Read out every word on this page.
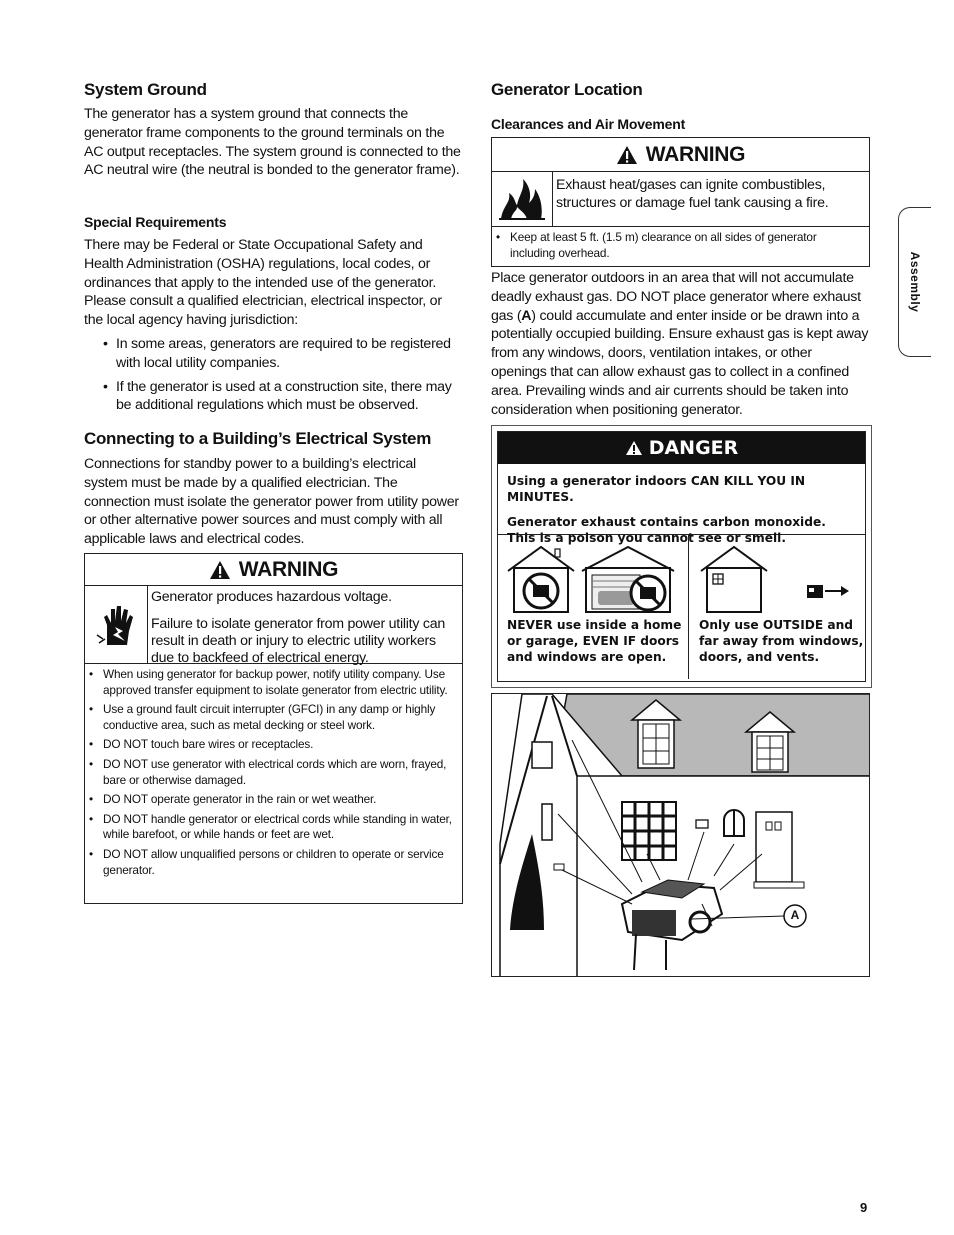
System Ground

The generator has a system ground that connects the generator frame components to the ground terminals on the AC output receptacles. The system ground is connected to the AC neutral wire (the neutral is bonded to the generator frame).

Special Requirements

There may be Federal or State Occupational Safety and Health Administration (OSHA) regulations, local codes, or ordinances that apply to the intended use of the generator. Please consult a qualified electrician, electrical inspector, or the local agency having jurisdiction:

• In some areas, generators are required to be registered with local utility companies.
• If the generator is used at a construction site, there may be additional regulations which must be observed.
Connecting to a Building’s Electrical System

Connections for standby power to a building’s electrical system must be made by a qualified electrician. The connection must isolate the generator power from utility power or other alternative power sources and must comply with all applicable laws and electrical codes.

WARNING

Generator produces hazardous voltage.

Failure to isolate generator from power utility can result in death or injury to electric utility workers due to backfeed of electrical energy.

• When using generator for backup power, notify utility company. Use approved transfer equipment to isolate generator from electric utility.
• Use a ground fault circuit interrupter (GFCI) in any damp or highly conductive area, such as metal decking or steel work.
• DO NOT touch bare wires or receptacles.
• DO NOT use generator with electrical cords which are worn, frayed, bare or otherwise damaged.
• DO NOT operate generator in the rain or wet weather.
• DO NOT handle generator or electrical cords while standing in water, while barefoot, or while hands or feet are wet.
• DO NOT allow unqualified persons or children to operate or service generator.
Generator Location
Clearances and Air Movement
WARNING

Exhaust heat/gases can ignite combustibles, structures or damage fuel tank causing a fire.

• Keep at least 5 ft. (1.5 m) clearance on all sides of generator including overhead.

Place generator outdoors in an area that will not accumulate deadly exhaust gas. DO NOT place generator where exhaust gas (A) could accumulate and enter inside or be drawn into a potentially occupied building. Ensure exhaust gas is kept away from any windows, doors, ventilation intakes, or other openings that can allow exhaust gas to collect in a confined area. Prevailing winds and air currents should be taken into consideration when positioning generator.

DANGER

Using a generator indoors CAN KILL YOU IN MINUTES.

Generator exhaust contains carbon monoxide. This is a poison you cannot see or smell.

NEVER use inside a home or garage, EVEN IF doors and windows are open.

Only use OUTSIDE and far away from windows, doors, and vents.

A
Assembly
9
